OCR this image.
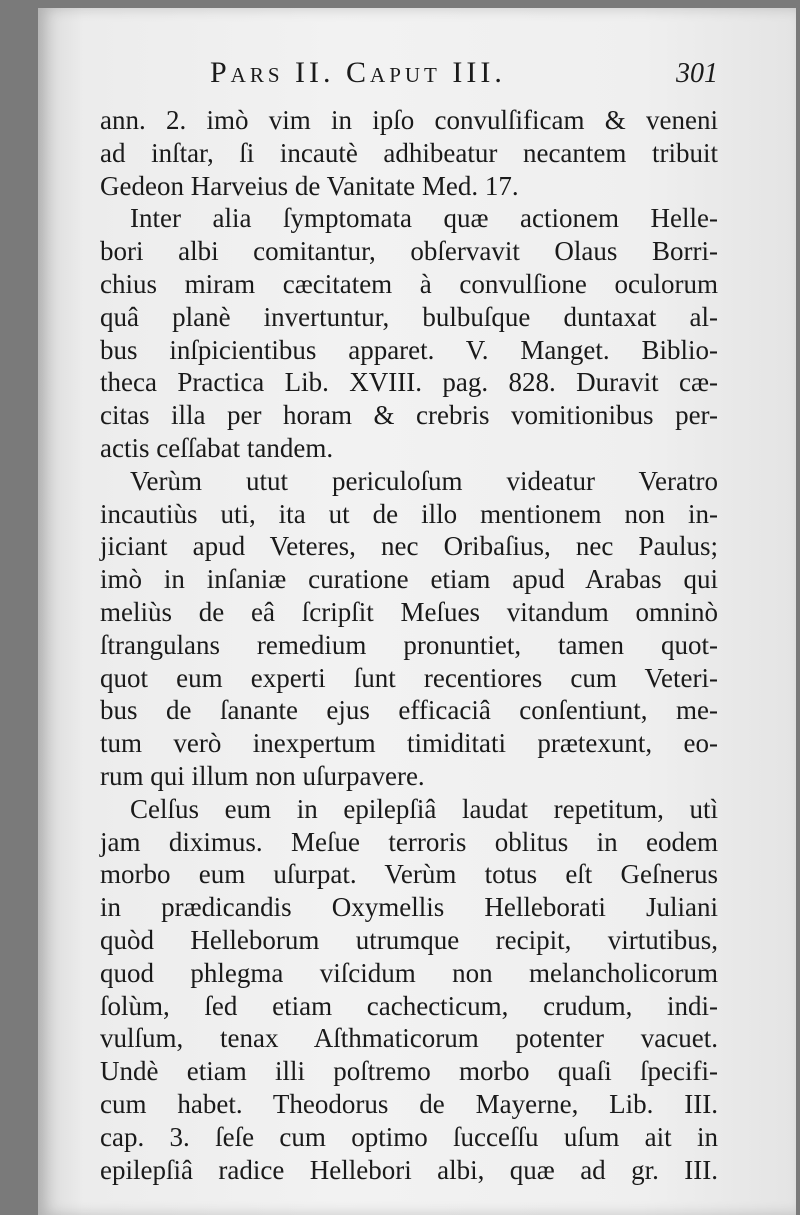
Pars II. Caput III.	301
ann. 2. imò vim in ipſo convulſificam & veneni
ad inſtar, ſi incautè adhibeatur necantem tribuit
Gedeon Harveius de Vanitate Med. 17.
Inter alia ſymptomata quæ actionem Helle-
bori albi comitantur, obſervavit Olaus Borri-
chius miram cæcitatem à convulſione oculorum
quâ planè invertuntur, bulbuſque duntaxat al-
bus inſpicientibus apparet. V. Manget. Biblio-
theca Practica Lib. XVIII. pag. 828. Duravit cæ-
citas illa per horam & crebris vomitionibus per-
actis ceſſabat tandem.
Verùm utut periculoſum videatur Veratro
incautiùs uti, ita ut de illo mentionem non in-
jiciant apud Veteres, nec Oribaſius, nec Paulus;
imò in inſaniæ curatione etiam apud Arabas qui
meliùs de eâ ſcripſit Meſues vitandum omninò
ſtrangulans remedium pronuntiet, tamen quot-
quot eum experti ſunt recentiores cum Veteri-
bus de ſanante ejus efficaciâ conſentiunt, me-
tum verò inexpertum timiditati prætexunt, eo-
rum qui illum non uſurpavere.
Celſus eum in epilepſiâ laudat repetitum, utì
jam diximus. Meſue terroris oblitus in eodem
morbo eum uſurpat. Verùm totus eſt Geſnerus
in prædicandis Oxymellis Helleborati Juliani
quòd Helleborum utrumque recipit, virtutibus,
quod phlegma viſcidum non melancholicorum
ſolùm, ſed etiam cachecticum, crudum, indi-
vulſum, tenax Aſthmaticorum potenter vacuet.
Undè etiam illi poſtremo morbo quaſi ſpecifi-
cum habet. Theodorus de Mayerne, Lib. III.
cap. 3. ſeſe cum optimo ſucceſſu uſum ait in
epilepſiâ radice Hellebori albi, quæ ad gr. III.
